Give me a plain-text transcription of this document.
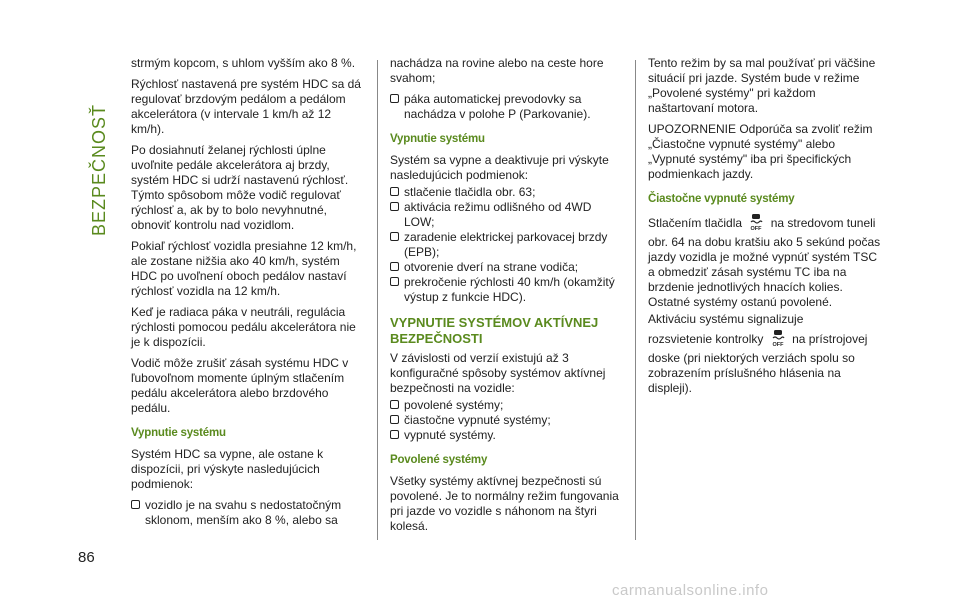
BEZPEČNOSŤ

strmým kopcom, s uhlom vyšším ako 8 %.

Rýchlosť nastavená pre systém HDC sa dá regulovať brzdovým pedálom a pedálom akcelerátora (v intervale 1 km/h až 12 km/h).

Po dosiahnutí želanej rýchlosti úplne uvoľnite pedále akcelerátora aj brzdy, systém HDC si udrží nastavenú rýchlosť. Týmto spôsobom môže vodič regulovať rýchlosť a, ak by to bolo nevyhnutné, obnoviť kontrolu nad vozidlom.

Pokiaľ rýchlosť vozidla presiahne 12 km/h, ale zostane nižšia ako 40 km/h, systém HDC po uvoľnení oboch pedálov nastaví rýchlosť vozidla na 12 km/h.

Keď je radiaca páka v neutráli, regulácia rýchlosti pomocou pedálu akcelerátora nie je k dispozícii.

Vodič môže zrušiť zásah systému HDC v ľubovoľnom momente úplným stlačením pedálu akcelerátora alebo brzdového pedálu.

Vypnutie systému

Systém HDC sa vypne, ale ostane k dispozícii, pri výskyte nasledujúcich podmienok:

vozidlo je na svahu s nedostatočným sklonom, menším ako 8 %, alebo sa

nachádza na rovine alebo na ceste hore svahom;

páka automatickej prevodovky sa nachádza v polohe P (Parkovanie).
Vypnutie systému

Systém sa vypne a deaktivuje pri výskyte nasledujúcich podmienok:

stlačenie tlačidla obr. 63;
aktivácia režimu odlišného od 4WD LOW;
zaradenie elektrickej parkovacej brzdy (EPB);
otvorenie dverí na strane vodiča;
prekročenie rýchlosti 40 km/h (okamžitý výstup z funkcie HDC).
VYPNUTIE SYSTÉMOV AKTÍVNEJ BEZPEČNOSTI

V závislosti od verzií existujú až 3 konfiguračné spôsoby systémov aktívnej bezpečnosti na vozidle:

povolené systémy;
čiastočne vypnuté systémy;
vypnuté systémy.
Povolené systémy

Všetky systémy aktívnej bezpečnosti sú povolené. Je to normálny režim fungovania pri jazde vo vozidle s náhonom na štyri kolesá.

Tento režim by sa mal používať pri väčšine situácií pri jazde. Systém bude v režime „Povolené systémy" pri každom naštartovaní motora.

UPOZORNENIE Odporúča sa zvoliť režim „Čiastočne vypnuté systémy" alebo „Vypnuté systémy" iba pri špecifických podmienkach jazdy.

Čiastočne vypnuté systémy

Stlačením tlačidla OFF na stredovom tuneli obr. 64 na dobu kratšiu ako 5 sekúnd počas jazdy vozidla je možné vypnúť systém TSC a obmedziť zásah systému TC iba na brzdenie jednotlivých hnacích kolies. Ostatné systémy ostanú povolené.

Aktiváciu systému signalizuje

rozsvietenie kontrolky OFF na prístrojovej doske (pri niektorých verziách spolu so zobrazením príslušného hlásenia na displeji).

86
carmanualsonline.info
